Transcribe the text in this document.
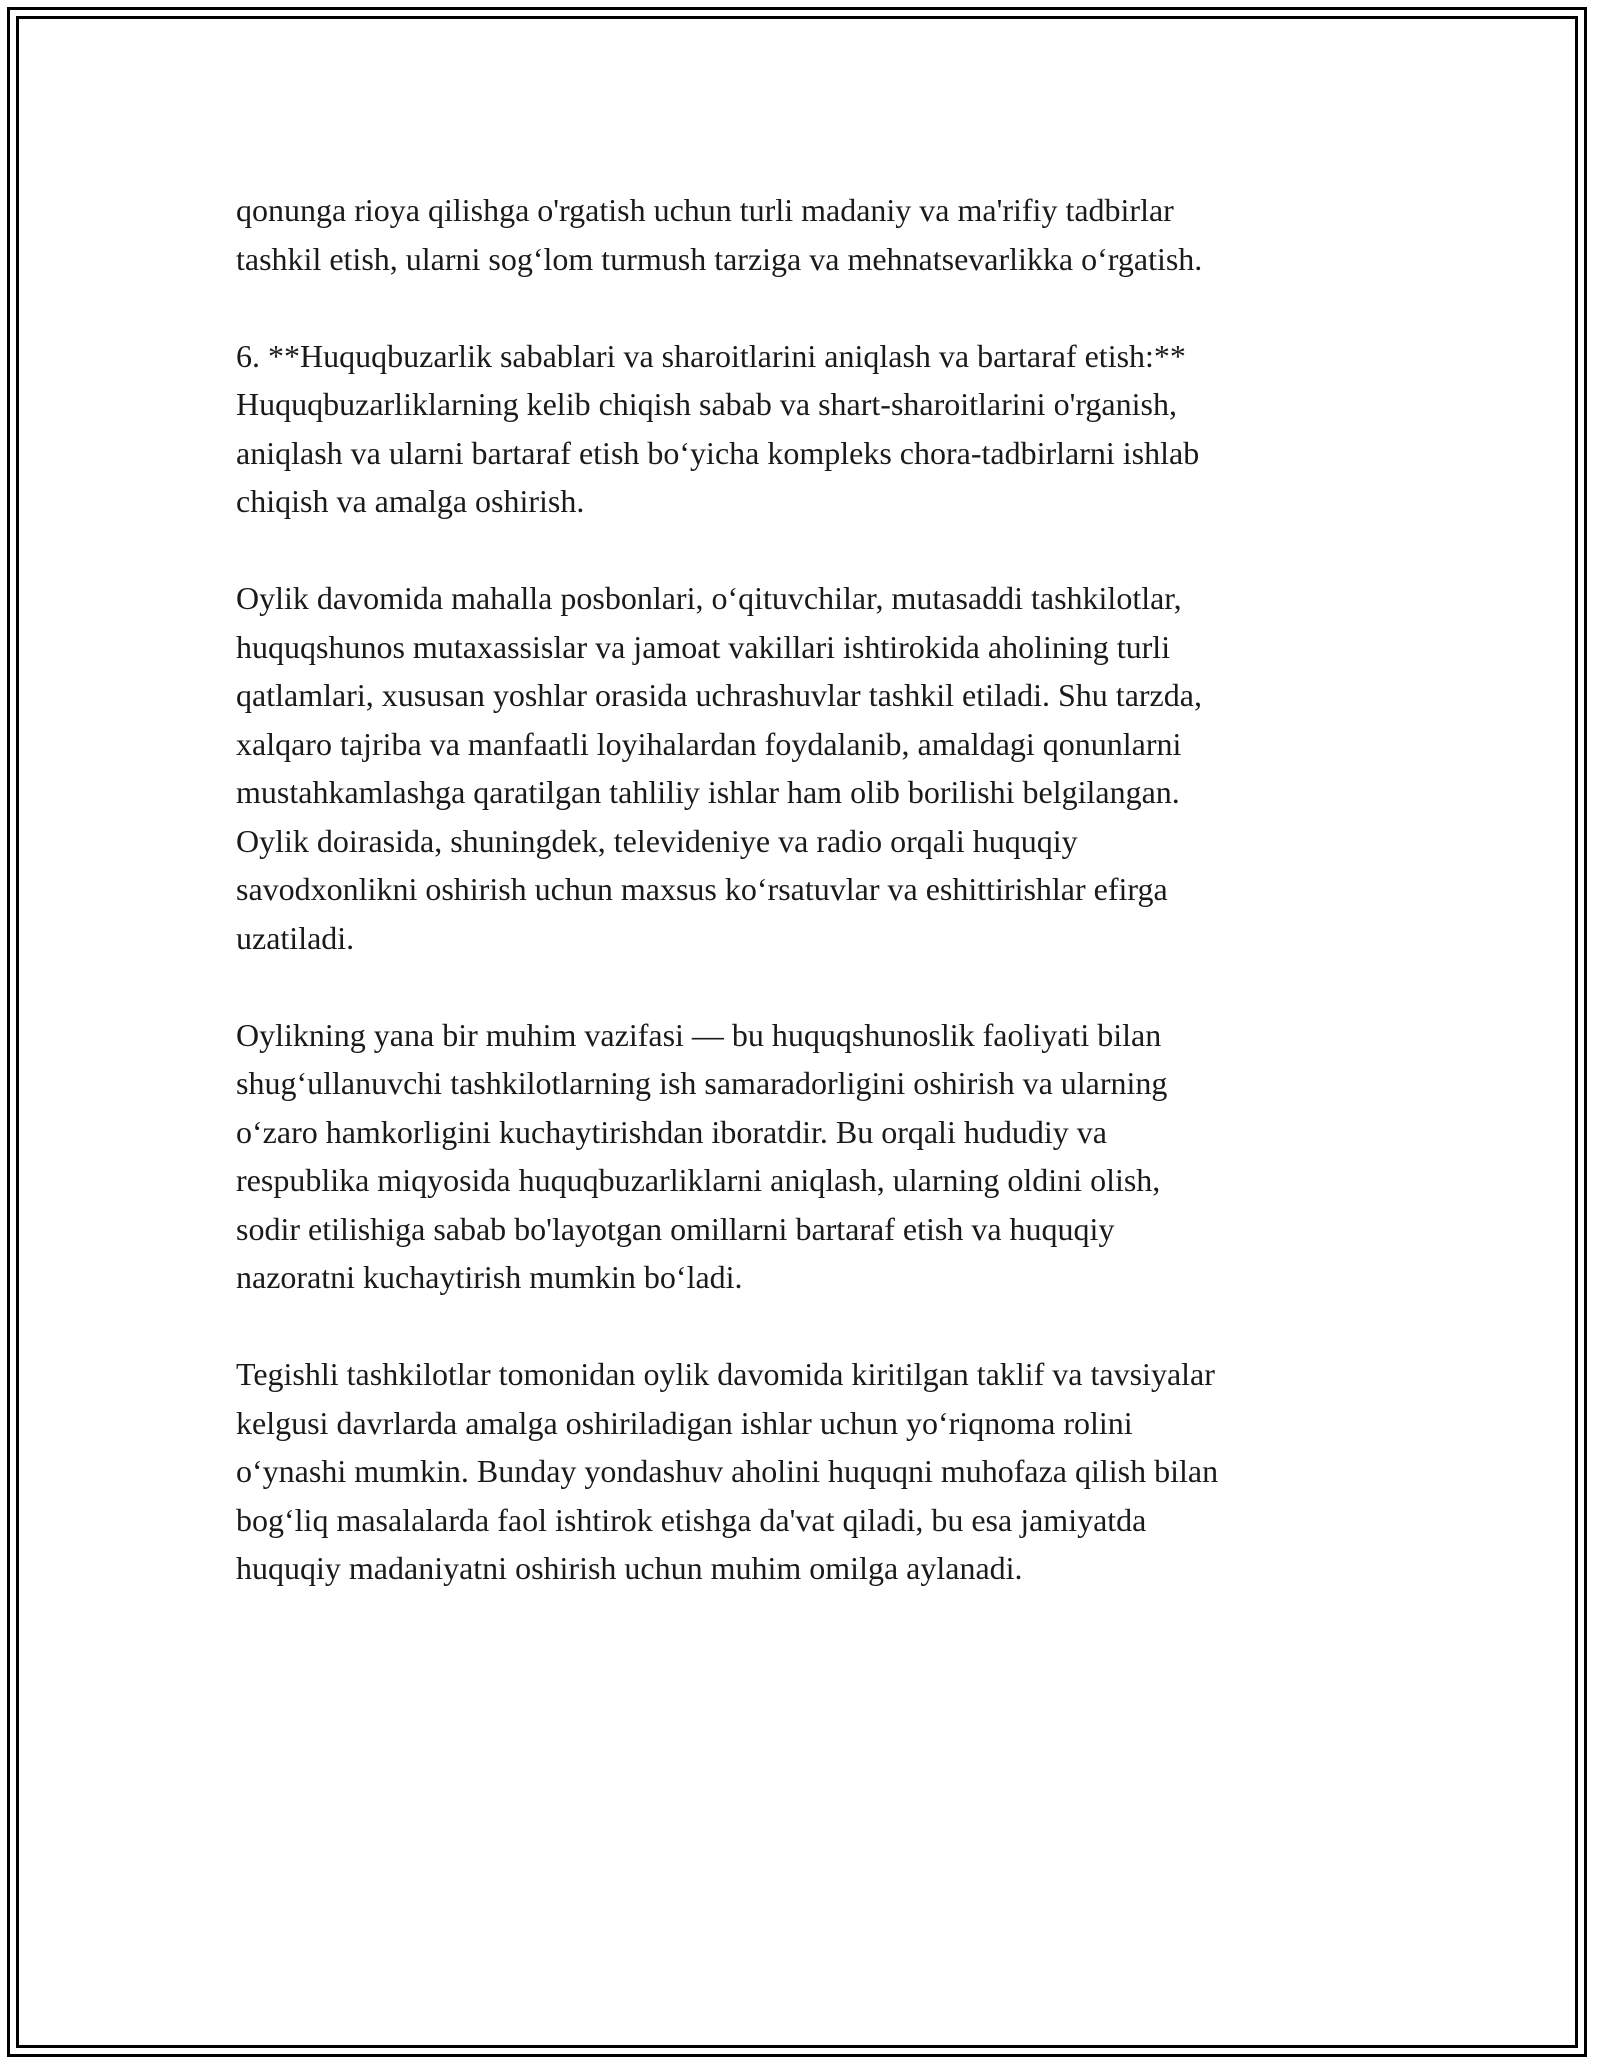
qonunga rioya qilishga o'rgatish uchun turli madaniy va ma'rifiy tadbirlar
tashkil etish, ularni sog‘lom turmush tarziga va mehnatsevarlikka o‘rgatish.

6. **Huquqbuzarlik sabablari va sharoitlarini aniqlash va bartaraf etish:**
Huquqbuzarliklarning kelib chiqish sabab va shart-sharoitlarini o'rganish,
aniqlash va ularni bartaraf etish bo‘yicha kompleks chora-tadbirlarni ishlab
chiqish va amalga oshirish.

Oylik davomida mahalla posbonlari, o‘qituvchilar, mutasaddi tashkilotlar,
huquqshunos mutaxassislar va jamoat vakillari ishtirokida aholining turli
qatlamlari, xususan yoshlar orasida uchrashuvlar tashkil etiladi. Shu tarzda,
xalqaro tajriba va manfaatli loyihalardan foydalanib, amaldagi qonunlarni
mustahkamlashga qaratilgan tahliliy ishlar ham olib borilishi belgilangan.
Oylik doirasida, shuningdek, televideniye va radio orqali huquqiy
savodxonlikni oshirish uchun maxsus ko‘rsatuvlar va eshittirishlar efirga
uzatiladi.

Oylikning yana bir muhim vazifasi — bu huquqshunoslik faoliyati bilan
shug‘ullanuvchi tashkilotlarning ish samaradorligini oshirish va ularning
o‘zaro hamkorligini kuchaytirishdan iboratdir. Bu orqali hududiy va
respublika miqyosida huquqbuzarliklarni aniqlash, ularning oldini olish,
sodir etilishiga sabab bo'layotgan omillarni bartaraf etish va huquqiy
nazoratni kuchaytirish mumkin bo‘ladi.

Tegishli tashkilotlar tomonidan oylik davomida kiritilgan taklif va tavsiyalar
kelgusi davrlarda amalga oshiriladigan ishlar uchun yo‘riqnoma rolini
o‘ynashi mumkin. Bunday yondashuv aholini huquqni muhofaza qilish bilan
bog‘liq masalalarda faol ishtirok etishga da'vat qiladi, bu esa jamiyatda
huquqiy madaniyatni oshirish uchun muhim omilga aylanadi.
